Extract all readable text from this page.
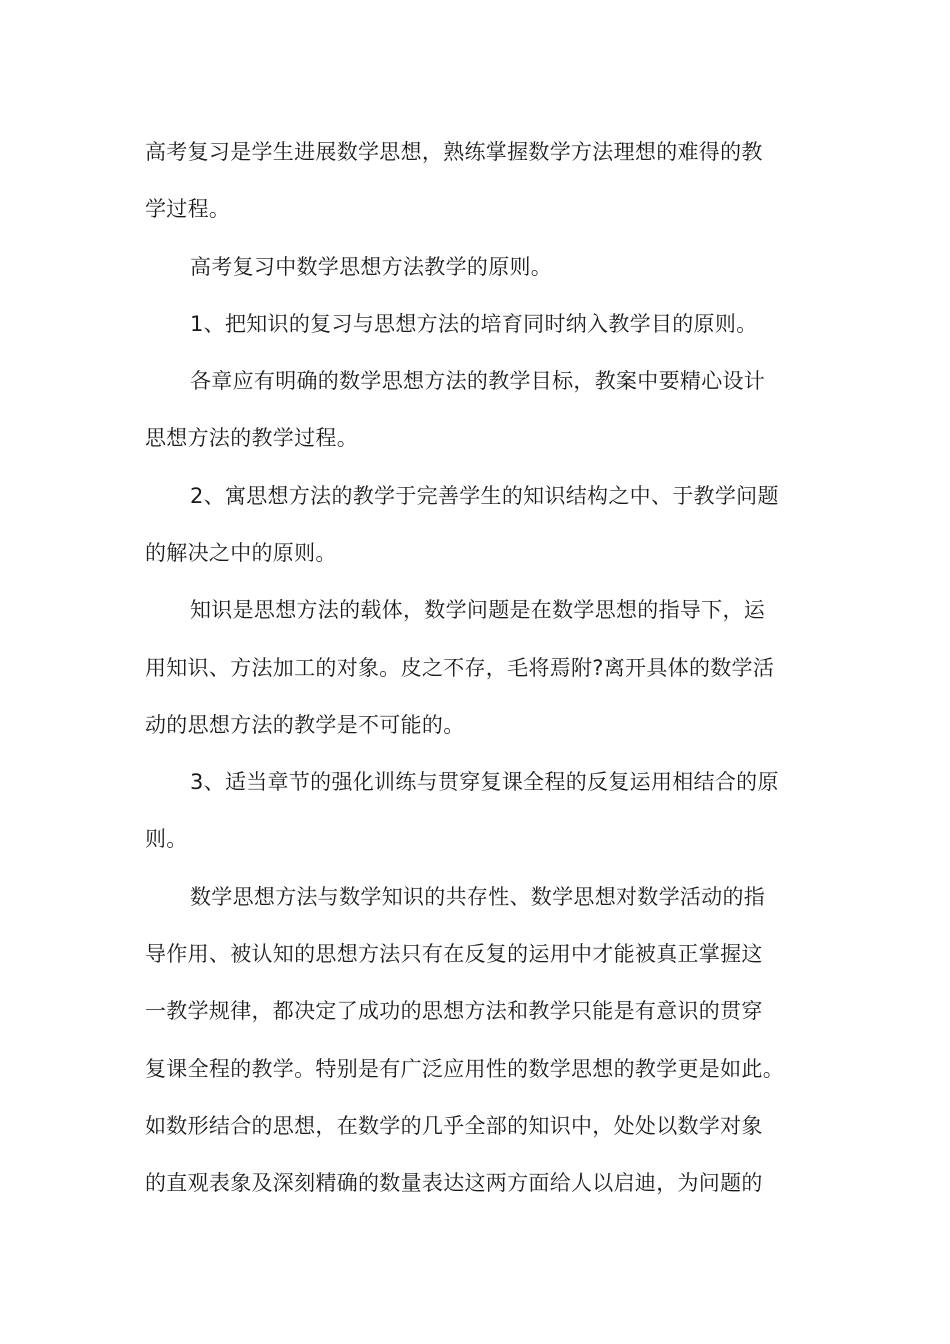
高考复习是学生进展数学思想，熟练掌握数学方法理想的难得的教
学过程。
高考复习中数学思想方法教学的原则。
1、把知识的复习与思想方法的培育同时纳入教学目的原则。
各章应有明确的数学思想方法的教学目标，教案中要精心设计
思想方法的教学过程。
2、寓思想方法的教学于完善学生的知识结构之中、于教学问题
的解决之中的原则。
知识是思想方法的载体，数学问题是在数学思想的指导下，运
用知识、方法加工的对象。皮之不存，毛将焉附?离开具体的数学活
动的思想方法的教学是不可能的。
3、适当章节的强化训练与贯穿复课全程的反复运用相结合的原
则。
数学思想方法与数学知识的共存性、数学思想对数学活动的指
导作用、被认知的思想方法只有在反复的运用中才能被真正掌握这
一教学规律，都决定了成功的思想方法和教学只能是有意识的贯穿
复课全程的教学。特别是有广泛应用性的数学思想的教学更是如此。
如数形结合的思想，在数学的几乎全部的知识中，处处以数学对象
的直观表象及深刻精确的数量表达这两方面给人以启迪，为问题的
